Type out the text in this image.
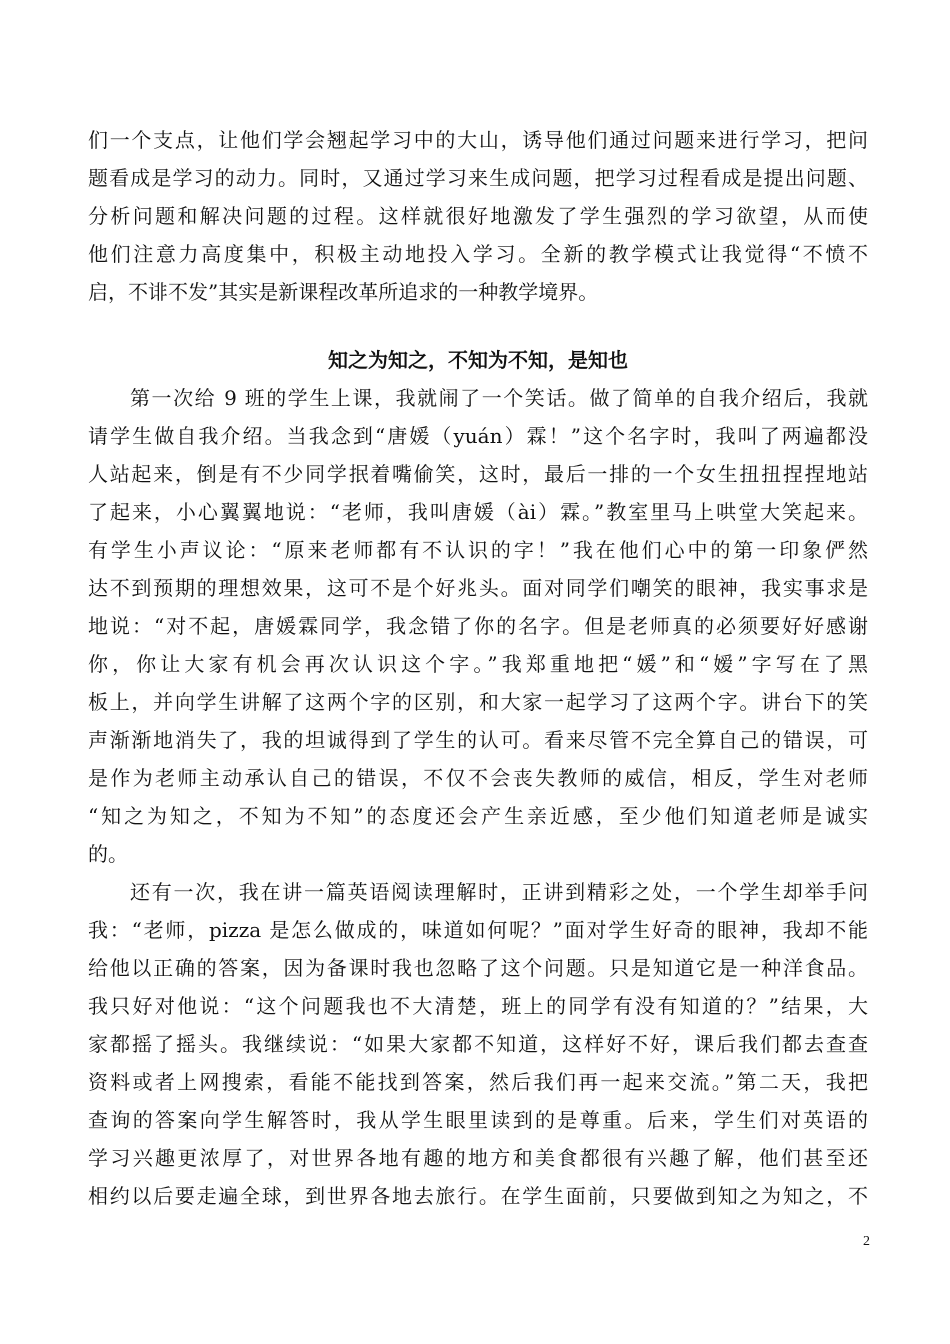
们一个支点，让他们学会翘起学习中的大山，诱导他们通过问题来进行学习，把问
题看成是学习的动力。同时，又通过学习来生成问题，把学习过程看成是提出问题、
分析问题和解决问题的过程。这样就很好地激发了学生强烈的学习欲望，从而使
他们注意力高度集中，积极主动地投入学习。全新的教学模式让我觉得“不愤不
启，不诽不发”其实是新课程改革所追求的一种教学境界。
知之为知之，不知为不知，是知也
第一次给 9 班的学生上课，我就闹了一个笑话。做了简单的自我介绍后，我就
请学生做自我介绍。当我念到“唐媛（yuán）霖！”这个名字时，我叫了两遍都没
人站起来，倒是有不少同学抿着嘴偷笑，这时，最后一排的一个女生扭扭捏捏地站
了起来，小心翼翼地说：“老师，我叫唐媛（ài）霖。”教室里马上哄堂大笑起来。
有学生小声议论：“原来老师都有不认识的字！”我在他们心中的第一印象俨然
达不到预期的理想效果，这可不是个好兆头。面对同学们嘲笑的眼神，我实事求是
地说：“对不起，唐媛霖同学，我念错了你的名字。但是老师真的必须要好好感谢
你，你让大家有机会再次认识这个字。”我郑重地把“媛”和“嫒”字写在了黑
板上，并向学生讲解了这两个字的区别，和大家一起学习了这两个字。讲台下的笑
声渐渐地消失了，我的坦诚得到了学生的认可。看来尽管不完全算自己的错误，可
是作为老师主动承认自己的错误，不仅不会丧失教师的威信，相反，学生对老师
“知之为知之，不知为不知”的态度还会产生亲近感，至少他们知道老师是诚实
的。
还有一次，我在讲一篇英语阅读理解时，正讲到精彩之处，一个学生却举手问
我：“老师，pizza 是怎么做成的，味道如何呢？”面对学生好奇的眼神，我却不能
给他以正确的答案，因为备课时我也忽略了这个问题。只是知道它是一种洋食品。
我只好对他说：“这个问题我也不大清楚，班上的同学有没有知道的？”结果，大
家都摇了摇头。我继续说：“如果大家都不知道，这样好不好，课后我们都去查查
资料或者上网搜索，看能不能找到答案，然后我们再一起来交流。”第二天，我把
查询的答案向学生解答时，我从学生眼里读到的是尊重。后来，学生们对英语的
学习兴趣更浓厚了，对世界各地有趣的地方和美食都很有兴趣了解，他们甚至还
相约以后要走遍全球，到世界各地去旅行。在学生面前，只要做到知之为知之，不
2
